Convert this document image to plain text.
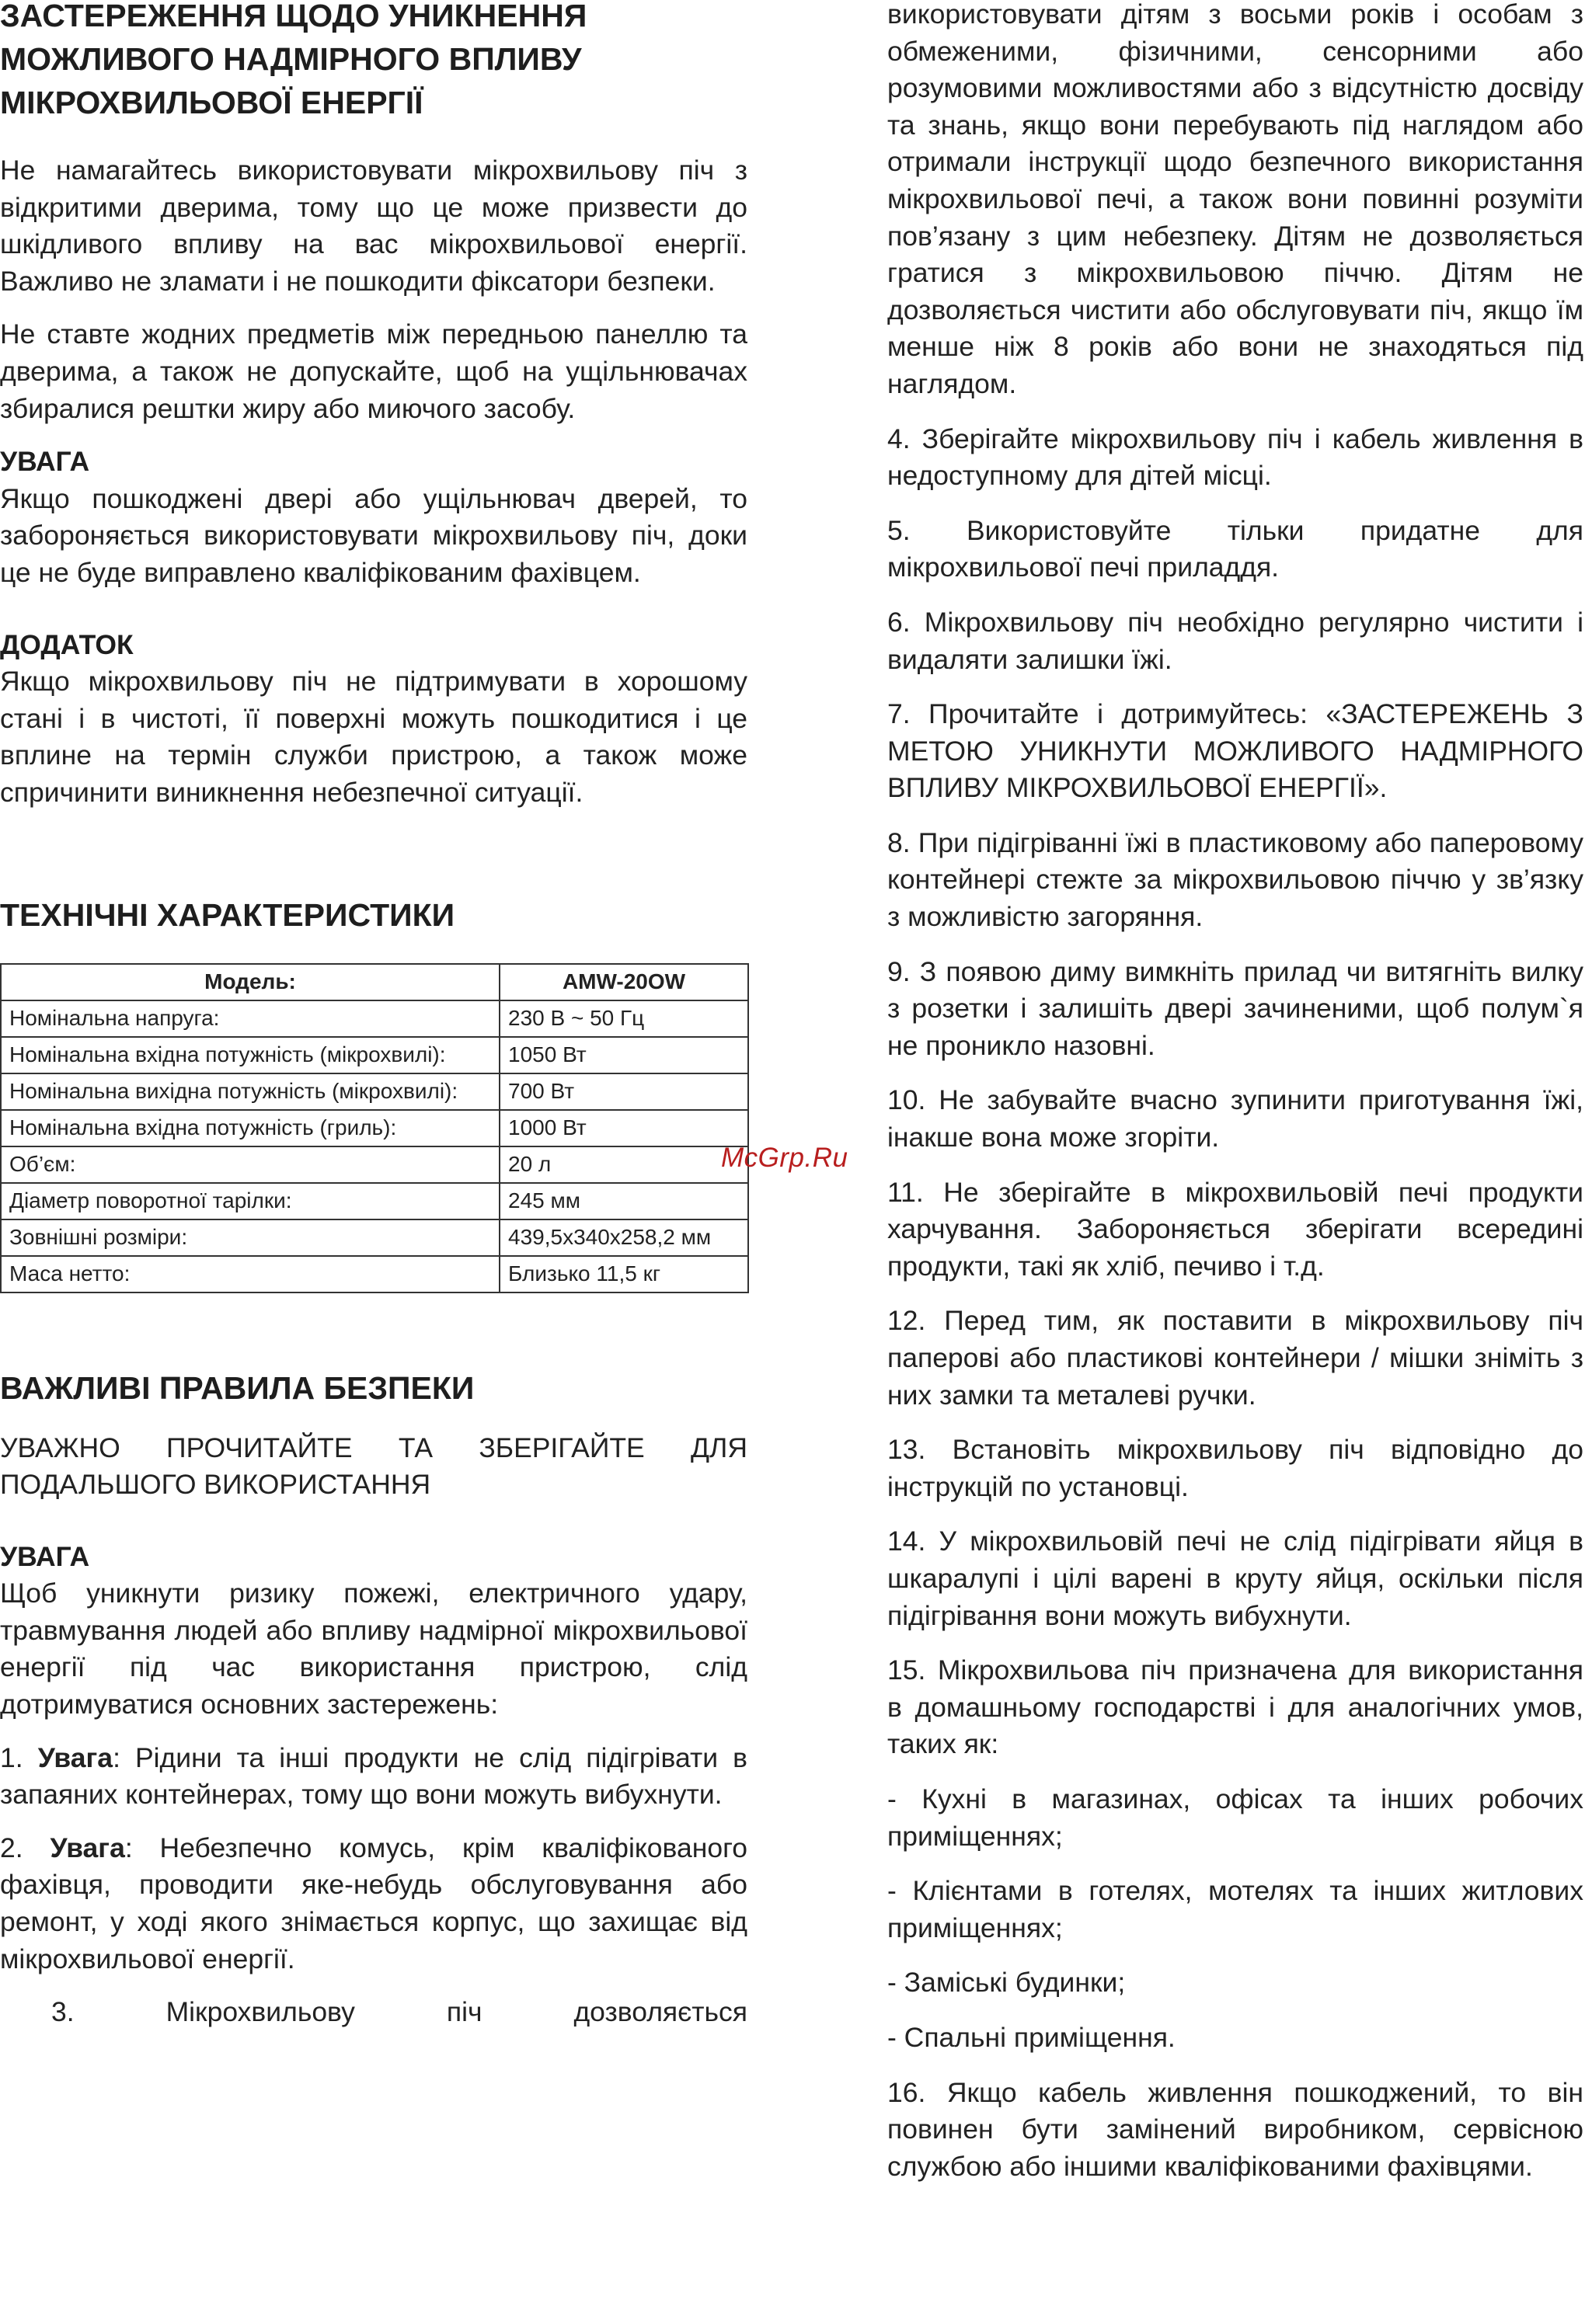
ЗАСТЕРЕЖЕННЯ ЩОДО УНИКНЕННЯ МОЖЛИВОГО НАДМІРНОГО ВПЛИВУ МІКРОХВИЛЬОВОЇ ЕНЕРГІЇ

Не намагайтесь використовувати мікрохвильову піч з відкритими дверима, тому що це може призвести до шкідливого впливу на вас мікрохвильової енергії. Важливо не зламати і не пошкодити фіксатори безпеки.

Не ставте жодних предметів між передньою панеллю та дверима, а також не допускайте, щоб на ущільнювачах збиралися рештки жиру або миючого засобу.

УВАГА

Якщо пошкоджені двері або ущільнювач дверей, то забороняється використовувати мікрохвильову піч, доки це не буде виправлено кваліфікованим фахівцем.

ДОДАТОК

Якщо мікрохвильову піч не підтримувати в хорошому стані і в чистоті, її поверхні можуть пошкодитися і це вплине на термін служби пристрою, а також може спричинити виникнення небезпечної ситуації.

ТЕХНІЧНІ ХАРАКТЕРИСТИКИ
Модель:	AMW-20OW
Номінальна напруга:	230 В ~ 50 Гц
Номінальна вхідна потужність (мікрохвилі):	1050 Вт
Номінальна вихідна потужність (мікрохвилі):	700 Вт
Номінальна вхідна потужність (гриль):	1000 Вт
Об’єм:	20 л
Діаметр поворотної тарілки:	245 мм
Зовнішні розміри:	439,5х340х258,2 мм
Маса нетто:	Близько 11,5 кг
ВАЖЛИВІ ПРАВИЛА БЕЗПЕКИ

УВАЖНО ПРОЧИТАЙТЕ ТА ЗБЕРІГАЙТЕ ДЛЯ ПОДАЛЬШОГО ВИКОРИСТАННЯ

УВАГА

Щоб уникнути ризику пожежі, електричного удару, травмування людей або впливу надмірної мікрохвильової енергії під час використання пристрою, слід дотримуватися основних застережень:

1. Увага: Рідини та інші продукти не слід підігрівати в запаяних контейнерах, тому що вони можуть вибухнути.

2. Увага: Небезпечно комусь, крім кваліфікованого фахівця, проводити яке-небудь обслуговування або ремонт, у ході якого знімається корпус, що захищає від мікрохвильової енергії.

3. Мікрохвильову піч дозволяється

використовувати дітям з восьми років і особам з обмеженими, фізичними, сенсорними або розумовими можливостями або з відсутністю досвіду та знань, якщо вони перебувають під наглядом або отримали інструкції щодо безпечного використання мікрохвильової печі, а також вони повинні розуміти пов’язану з цим небезпеку. Дітям не дозволяється гратися з мікрохвильовою піччю. Дітям не дозволяється чистити або обслуговувати піч, якщо їм менше ніж 8 років або вони не знаходяться під наглядом.

4. Зберігайте мікрохвильову піч і кабель живлення в недоступному для дітей місці.

5. Використовуйте тільки придатне для мікрохвильової печі приладдя.

6. Мікрохвильову піч необхідно регулярно чистити і видаляти залишки їжі.

7. Прочитайте і дотримуйтесь: «ЗАСТЕРЕЖЕНЬ З МЕТОЮ УНИКНУТИ МОЖЛИВОГО НАДМІРНОГО ВПЛИВУ МІКРОХВИЛЬОВОЇ ЕНЕРГІЇ».

8. При підігріванні їжі в пластиковому або паперовому контейнері стежте за мікрохвильовою піччю у зв’язку з можливістю загоряння.

9. З появою диму вимкніть прилад чи витягніть вилку з розетки і залишіть двері зачиненими, щоб полум`я не проникло назовні.

10. Не забувайте вчасно зупинити приготування їжі, інакше вона може згоріти.

11. Не зберігайте в мікрохвильовій печі продукти харчування. Забороняється зберігати всередині продукти, такі як хліб, печиво і т.д.

12. Перед тим, як поставити в мікрохвильову піч паперові або пластикові контейнери / мішки зніміть з них замки та металеві ручки.

13. Встановіть мікрохвильову піч відповідно до інструкцій по установці.

14. У мікрохвильовій печі не слід підігрівати яйця в шкаралупі і цілі варені в круту яйця, оскільки після підігрівання вони можуть вибухнути.

15. Мікрохвильова піч призначена для використання в домашньому господарстві і для аналогічних умов, таких як:

- Кухні в магазинах, офісах та інших робочих приміщеннях;

- Клієнтами в готелях, мотелях та інших житлових приміщеннях;

- Заміські будинки;

- Спальні приміщення.

16. Якщо кабель живлення пошкоджений, то він повинен бути замінений виробником, сервісною службою або іншими кваліфікованими фахівцями.

McGrp.Ru
